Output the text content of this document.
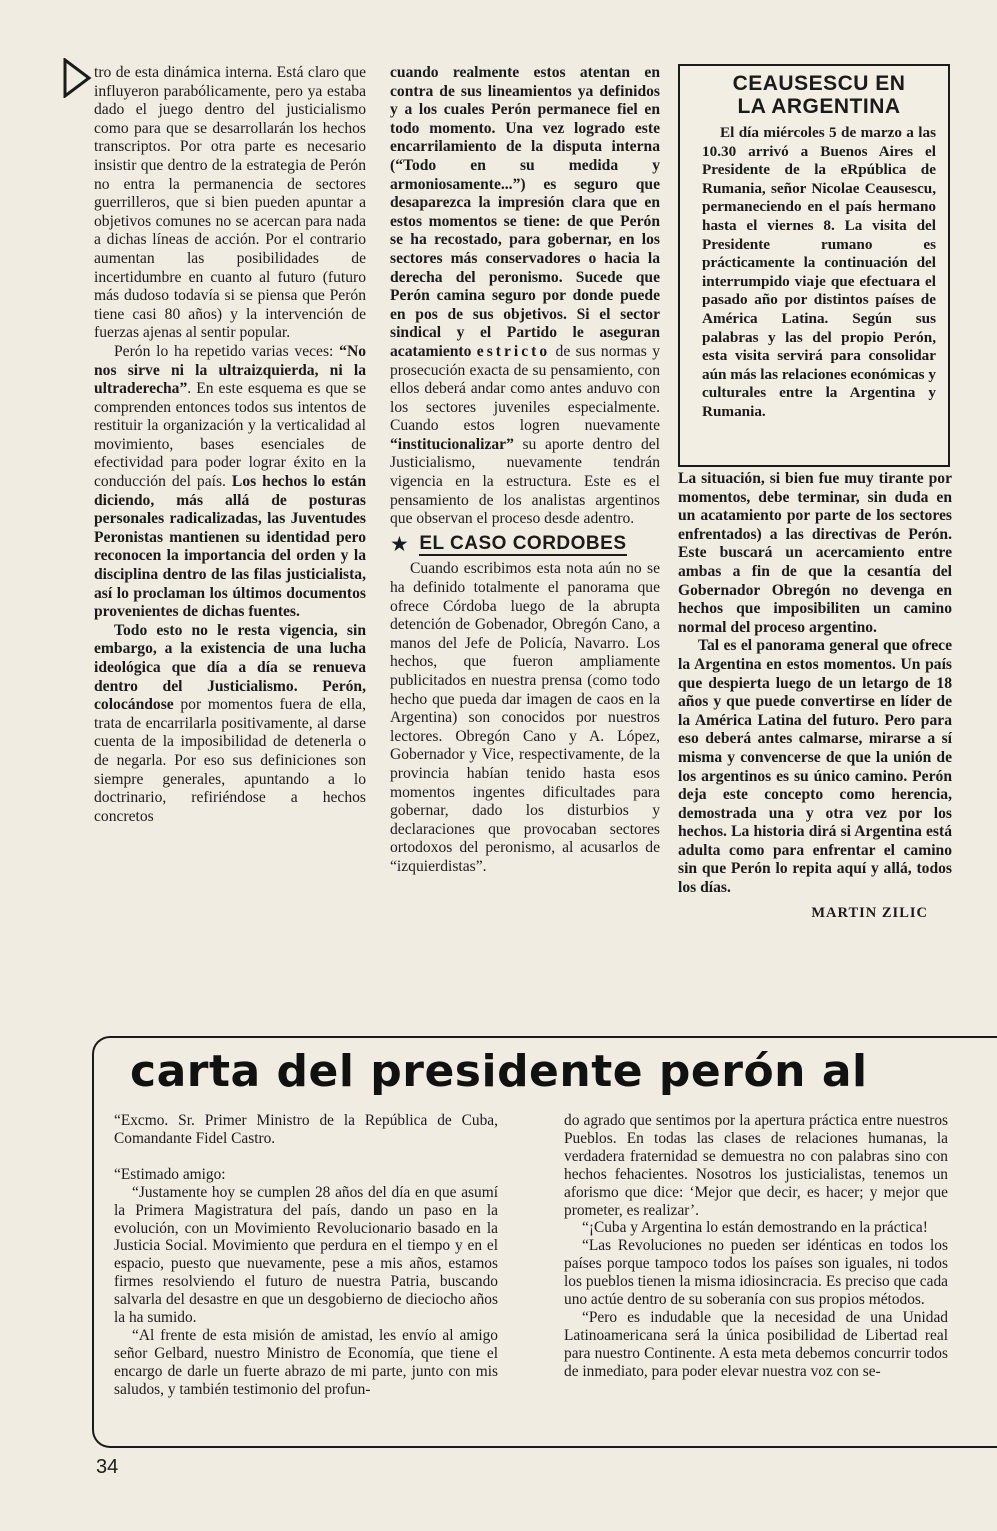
tro de esta dinámica interna. Está claro que influyeron parabólicamente, pero ya estaba dado el juego dentro del justicialismo como para que se desarrollarán los hechos transcriptos. Por otra parte es necesario insistir que dentro de la estrategia de Perón no entra la permanencia de sectores guerrilleros, que si bien pueden apuntar a objetivos comunes no se acercan para nada a dichas líneas de acción. Por el contrario aumentan las posibilidades de incertidumbre en cuanto al futuro (futuro más dudoso todavía si se piensa que Perón tiene casi 80 años) y la intervención de fuerzas ajenas al sentir popular.

Perón lo ha repetido varias veces: “No nos sirve ni la ultraizquierda, ni la ultraderecha”. En este esquema es que se comprenden entonces todos sus intentos de restituir la organización y la verticalidad al movimiento, bases esenciales de efectividad para poder lograr éxito en la conducción del país. Los hechos lo están diciendo, más allá de posturas personales radicalizadas, las Juventudes Peronistas mantienen su identidad pero reconocen la importancia del orden y la disciplina dentro de las filas justicialista, así lo proclaman los últimos documentos provenientes de dichas fuentes.

Todo esto no le resta vigencia, sin embargo, a la existencia de una lucha ideológica que día a día se renueva dentro del Justicialismo. Perón, colocándose por momentos fuera de ella, trata de encarrilarla positivamente, al darse cuenta de la imposibilidad de detenerla o de negarla. Por eso sus definiciones son siempre generales, apuntando a lo doctrinario, refiriéndose a hechos concretos

cuando realmente estos atentan en contra de sus lineamientos ya definidos y a los cuales Perón permanece fiel en todo momento. Una vez logrado este encarrilamiento de la disputa interna (“Todo en su medida y armoniosamente...”) es seguro que desaparezca la impresión clara que en estos momentos se tiene: de que Perón se ha recostado, para gobernar, en los sectores más conservadores o hacia la derecha del peronismo. Sucede que Perón camina seguro por donde puede en pos de sus objetivos. Si el sector sindical y el Partido le aseguran acatamiento estricto de sus normas y prosecución exacta de su pensamiento, con ellos deberá andar como antes anduvo con los sectores juveniles especialmente. Cuando estos logren nuevamente “institucionalizar” su aporte dentro del Justicialismo, nuevamente tendrán vigencia en la estructura. Este es el pensamiento de los analistas argentinos que observan el proceso desde adentro.

★ EL CASO CORDOBES

Cuando escribimos esta nota aún no se ha definido totalmente el panorama que ofrece Córdoba luego de la abrupta detención de Gobenador, Obregón Cano, a manos del Jefe de Policía, Navarro. Los hechos, que fueron ampliamente publicitados en nuestra prensa (como todo hecho que pueda dar imagen de caos en la Argentina) son conocidos por nuestros lectores. Obregón Cano y A. López, Gobernador y Vice, respectivamente, de la provincia habían tenido hasta esos momentos ingentes dificultades para gobernar, dado los disturbios y declaraciones que provocaban sectores ortodoxos del peronismo, al acusarlos de “izquierdistas”.

CEAUSESCU EN
LA ARGENTINA

El día miércoles 5 de marzo a las 10.30 arrivó a Buenos Aires el Presidente de la eRpública de Rumania, señor Nicolae Ceausescu, permaneciendo en el país hermano hasta el viernes 8. La visita del Presidente rumano es prácticamente la continuación del interrumpido viaje que efectuara el pasado año por distintos países de América Latina. Según sus palabras y las del propio Perón, esta visita servirá para consolidar aún más las relaciones económicas y culturales entre la Argentina y Rumania.

La situación, si bien fue muy tirante por momentos, debe terminar, sin duda en un acatamiento por parte de los sectores enfrentados) a las directivas de Perón. Este buscará un acercamiento entre ambas a fin de que la cesantía del Gobernador Obregón no devenga en hechos que imposibiliten un camino normal del proceso argentino.

Tal es el panorama general que ofrece la Argentina en estos momentos. Un país que despierta luego de un letargo de 18 años y que puede convertirse en líder de la América Latina del futuro. Pero para eso deberá antes calmarse, mirarse a sí misma y convencerse de que la unión de los argentinos es su único camino. Perón deja este concepto como herencia, demostrada una y otra vez por los hechos. La historia dirá si Argentina está adulta como para enfrentar el camino sin que Perón lo repita aquí y allá, todos los días.

MARTIN ZILIC
carta del presidente perón al

“Excmo. Sr. Primer Ministro de la República de Cuba, Comandante Fidel Castro.

“Estimado amigo:

“Justamente hoy se cumplen 28 años del día en que asumí la Primera Magistratura del país, dando un paso en la evolución, con un Movimiento Revolucionario basado en la Justicia Social. Movimiento que perdura en el tiempo y en el espacio, puesto que nuevamente, pese a mis años, estamos firmes resolviendo el futuro de nuestra Patria, buscando salvarla del desastre en que un desgobierno de dieciocho años la ha sumido.

“Al frente de esta misión de amistad, les envío al amigo señor Gelbard, nuestro Ministro de Economía, que tiene el encargo de darle un fuerte abrazo de mi parte, junto con mis saludos, y también testimonio del profun-

do agrado que sentimos por la apertura práctica entre nuestros Pueblos. En todas las clases de relaciones humanas, la verdadera fraternidad se demuestra no con palabras sino con hechos fehacientes. Nosotros los justicialistas, tenemos un aforismo que dice: ‘Mejor que decir, es hacer; y mejor que prometer, es realizar’.

“¡Cuba y Argentina lo están demostrando en la práctica!

“Las Revoluciones no pueden ser idénticas en todos los países porque tampoco todos los países son iguales, ni todos los pueblos tienen la misma idiosincracia. Es preciso que cada uno actúe dentro de su soberanía con sus propios métodos.

“Pero es indudable que la necesidad de una Unidad Latinoamericana será la única posibilidad de Libertad real para nuestro Continente. A esta meta debemos concurrir todos de inmediato, para poder elevar nuestra voz con se-

34
